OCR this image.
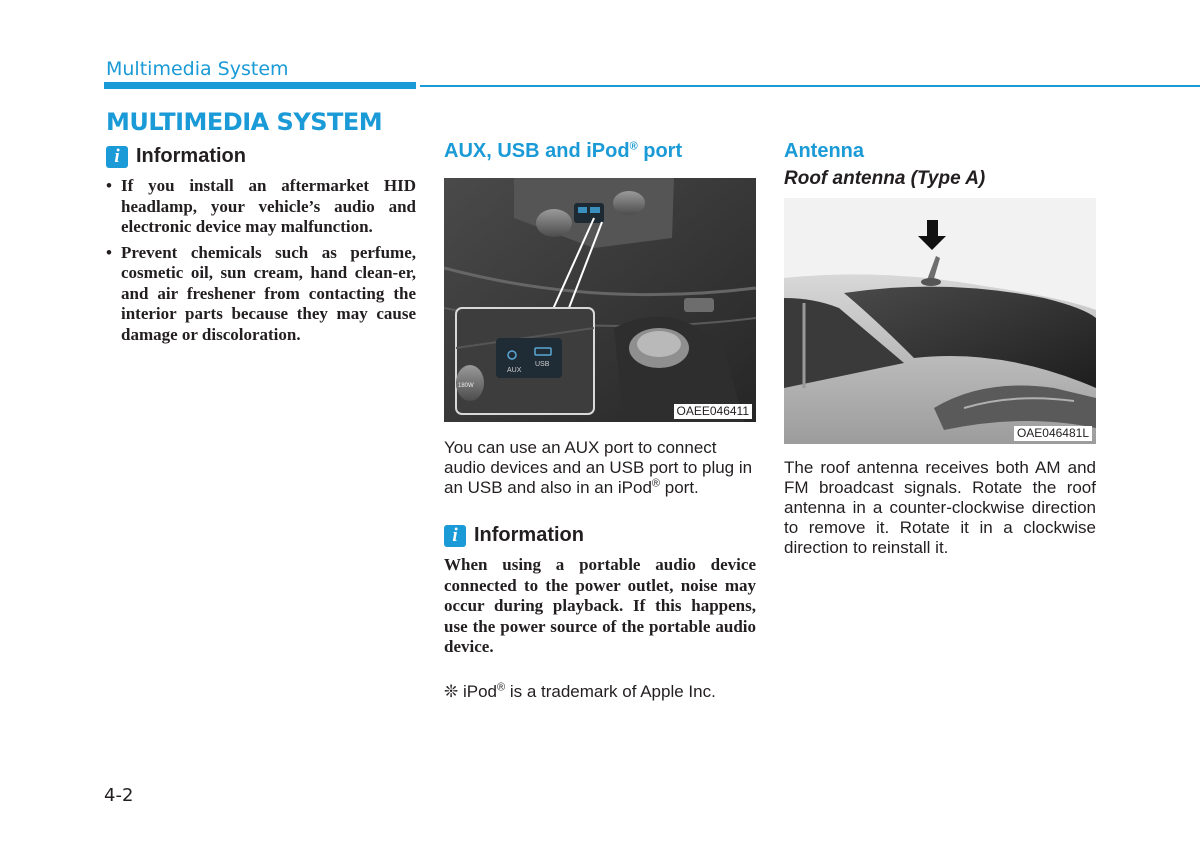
Multimedia System
MULTIMEDIA SYSTEM
i Information
• If you install an aftermarket HID headlamp, your vehicle’s audio and electronic device may malfunction.
• Prevent chemicals such as perfume, cosmetic oil, sun cream, hand clean-er, and air freshener from contacting the interior parts because they may cause damage or discoloration.
AUX, USB and iPod® port
AUX
USB
180W
OAEE046411
You can use an AUX port to connect audio devices and an USB port to plug in an USB and also in an iPod® port.
i Information
When using a portable audio device connected to the power outlet, noise may occur during playback. If this happens, use the power source of the portable audio device.
❊ iPod® is a trademark of Apple Inc.
Antenna
Roof antenna (Type A)
OAE046481L
The roof antenna receives both AM and FM broadcast signals. Rotate the roof antenna in a counter-clockwise direction to remove it. Rotate it in a clockwise direction to reinstall it.
4-2
